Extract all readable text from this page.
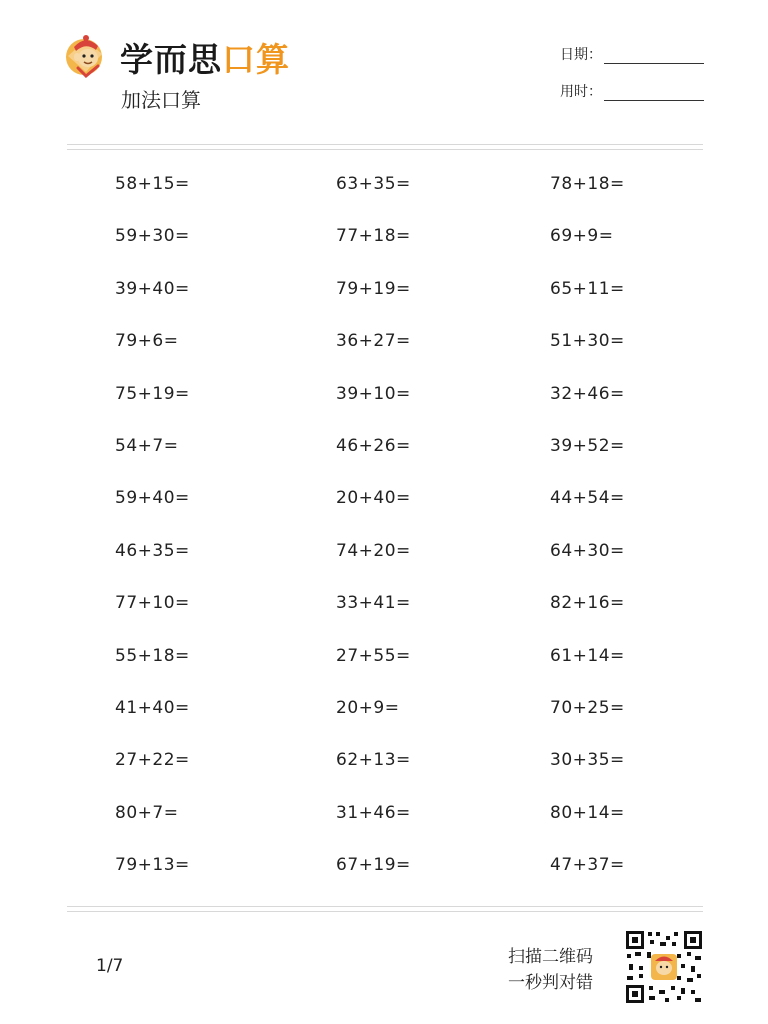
学而思口算
加法口算
日期：
用时：
58+15=	63+35=	78+18=
59+30=	77+18=	69+9=
39+40=	79+19=	65+11=
79+6=	36+27=	51+30=
75+19=	39+10=	32+46=
54+7=	46+26=	39+52=
59+40=	20+40=	44+54=
46+35=	74+20=	64+30=
77+10=	33+41=	82+16=
55+18=	27+55=	61+14=
41+40=	20+9=	70+25=
27+22=	62+13=	30+35=
80+7=	31+46=	80+14=
79+13=	67+19=	47+37=
1/7	扫描二维码
一秒判对错
